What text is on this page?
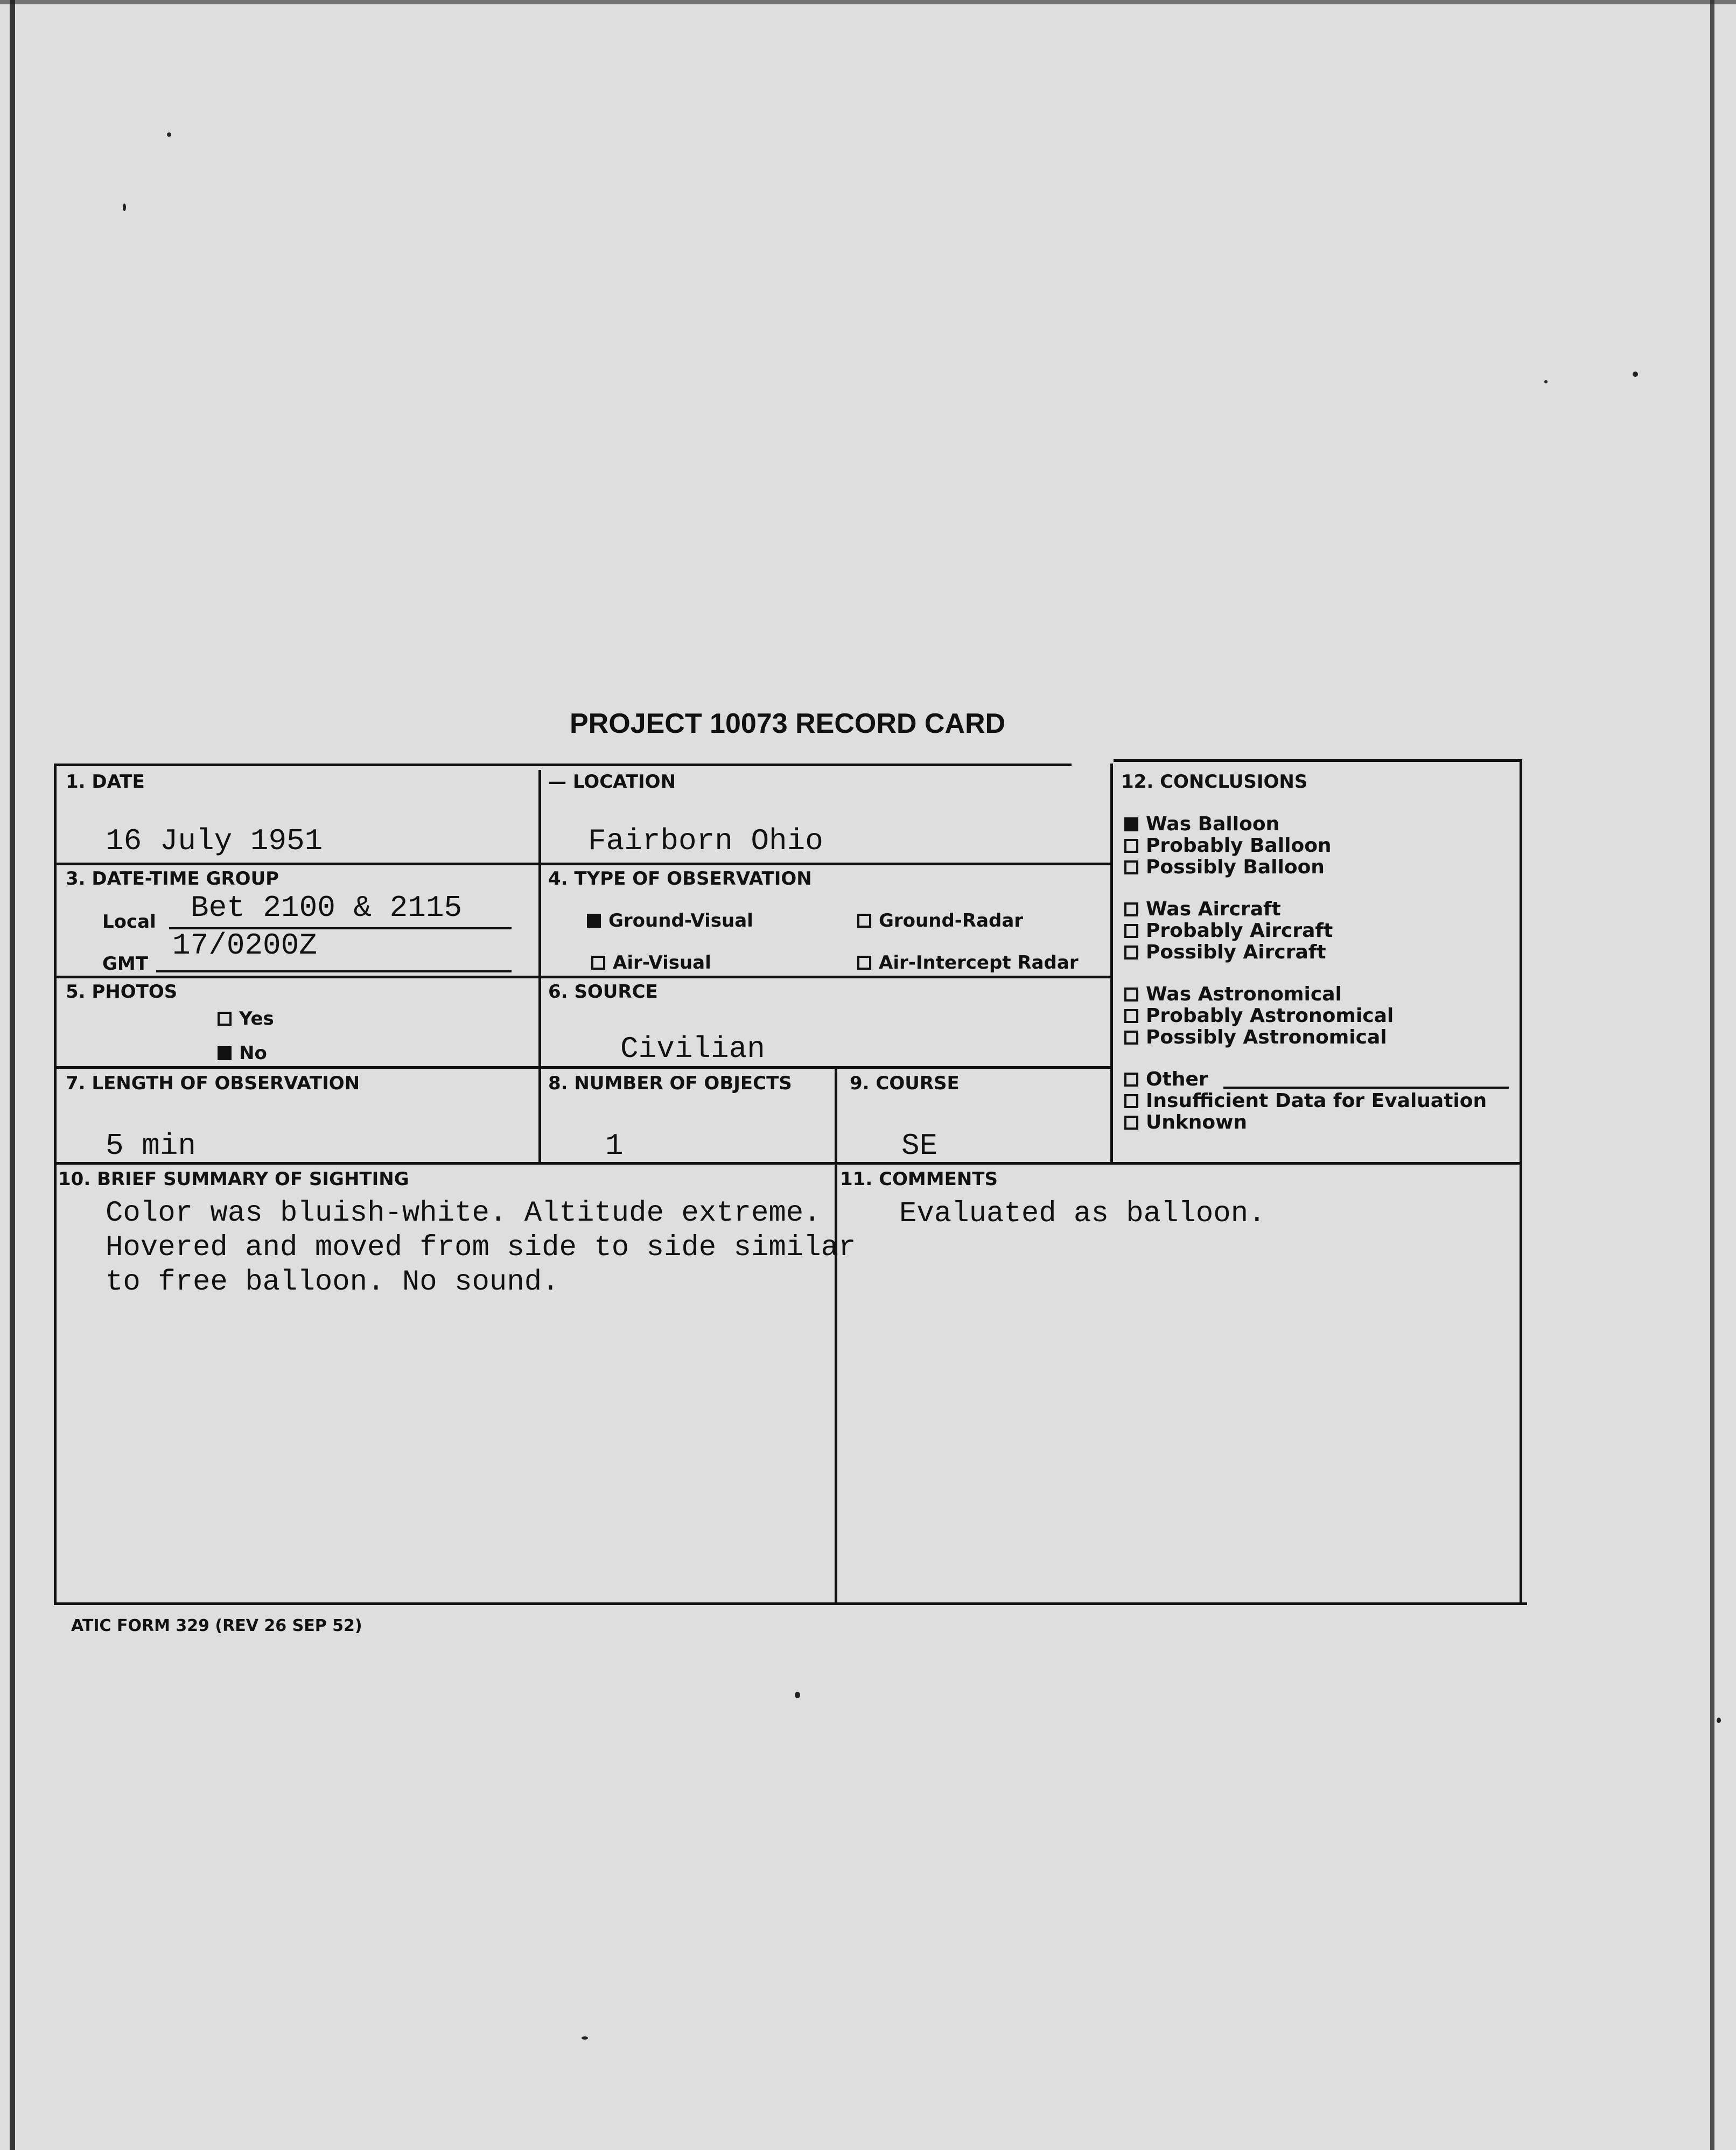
PROJECT 10073 RECORD CARD
1. DATE
16 July 1951
— LOCATION
Fairborn Ohio
3. DATE-TIME GROUP
Local Bet 2100 & 2115
GMT
17/0200Z
4. TYPE OF OBSERVATION
Ground-Visual	Ground-Radar
Air-Visual	Air-Intercept Radar
5. PHOTOS
Yes
No
6. SOURCE
Civilian
7. LENGTH OF OBSERVATION
5 min
8. NUMBER OF OBJECTS
1
9. COURSE
SE
10. BRIEF SUMMARY OF SIGHTING
Color was bluish-white. Altitude extreme.
Hovered and moved from side to side similar
to free balloon. No sound.
11. COMMENTS
Evaluated as balloon.
12. CONCLUSIONS
Was Balloon
Probably Balloon
Possibly Balloon
Was Aircraft
Probably Aircraft
Possibly Aircraft
Was Astronomical
Probably Astronomical
Possibly Astronomical
Other
Insufficient Data for Evaluation
Unknown
ATIC FORM 329 (REV 26 SEP 52)
